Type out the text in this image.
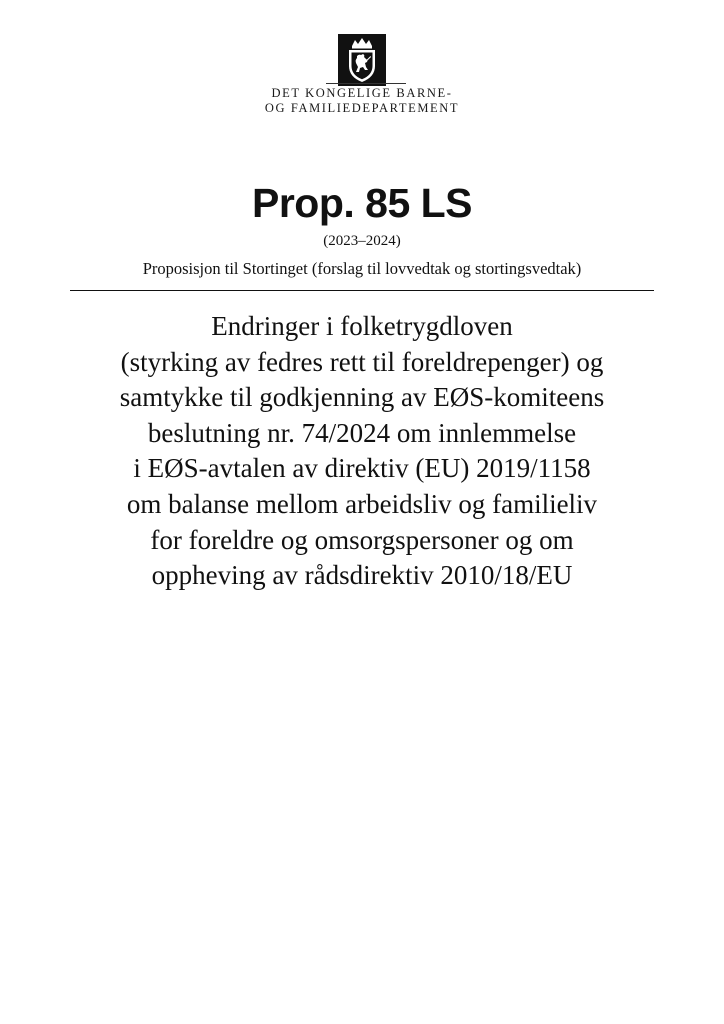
DET KONGELIGE BARNE-
OG FAMILIEDEPARTEMENT
Prop. 85 LS
(2023–2024)
Proposisjon til Stortinget (forslag til lovvedtak og stortingsvedtak)
Endringer i folketrygdloven
(styrking av fedres rett til foreldrepenger) og
samtykke til godkjenning av EØS-komiteens
beslutning nr. 74/2024 om innlemmelse
i EØS-avtalen av direktiv (EU) 2019/1158
om balanse mellom arbeidsliv og familieliv
for foreldre og omsorgspersoner og om
oppheving av rådsdirektiv 2010/18/EU
